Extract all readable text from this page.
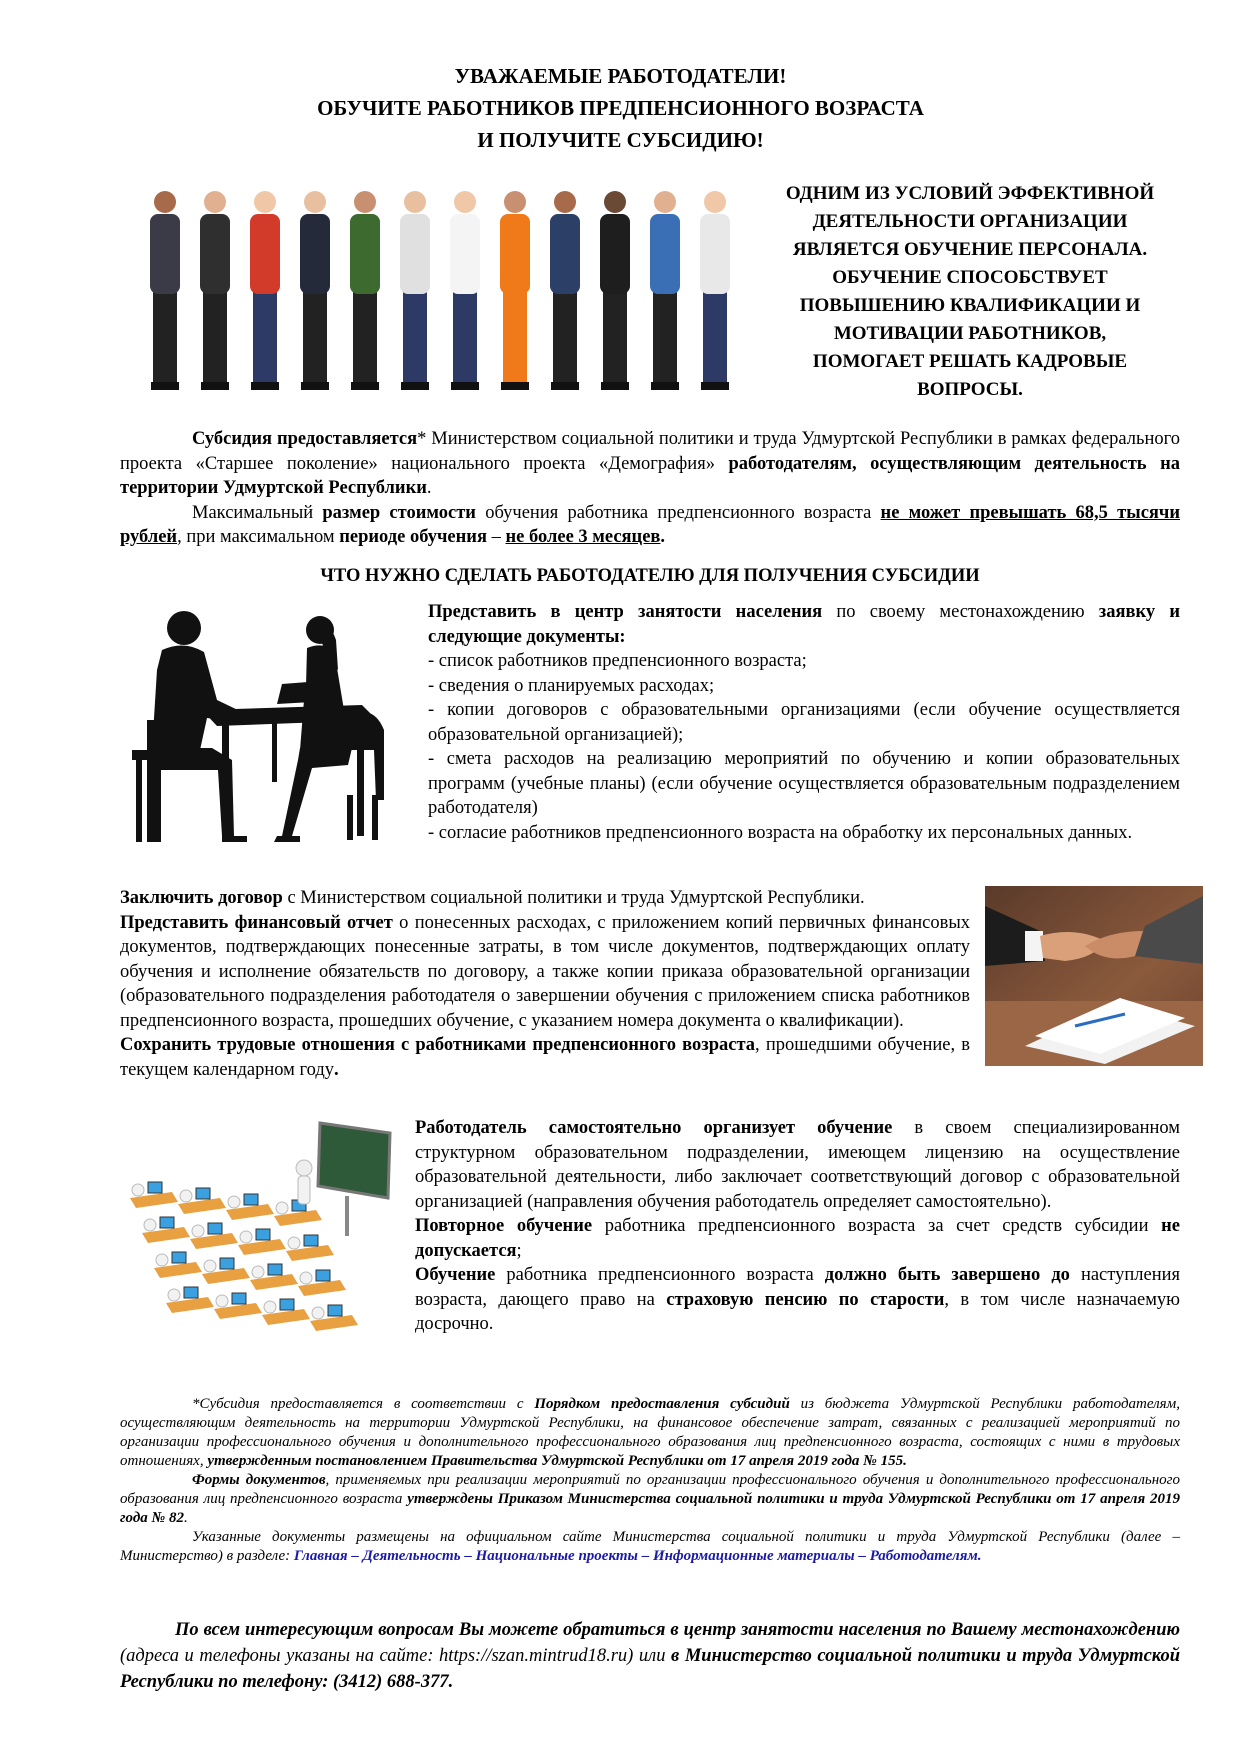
УВАЖАЕМЫЕ РАБОТОДАТЕЛИ!
ОБУЧИТЕ РАБОТНИКОВ ПРЕДПЕНСИОННОГО ВОЗРАСТА
И ПОЛУЧИТЕ СУБСИДИЮ!
ОДНИМ ИЗ УСЛОВИЙ ЭФФЕКТИВНОЙ
ДЕЯТЕЛЬНОСТИ ОРГАНИЗАЦИИ
ЯВЛЯЕТСЯ ОБУЧЕНИЕ ПЕРСОНАЛА.
ОБУЧЕНИЕ СПОСОБСТВУЕТ
ПОВЫШЕНИЮ КВАЛИФИКАЦИИ И
МОТИВАЦИИ РАБОТНИКОВ,
ПОМОГАЕТ РЕШАТЬ КАДРОВЫЕ
ВОПРОСЫ.

Субсидия предоставляется* Министерством социальной политики и труда Удмуртской Республики в рамках федерального проекта «Старшее поколение» национального проекта «Демография» работодателям, осуществляющим деятельность на территории Удмуртской Республики.

Максимальный размер стоимости обучения работника предпенсионного возраста не может превышать 68,5 тысячи рублей, при максимальном периоде обучения – не более 3 месяцев.

ЧТО НУЖНО СДЕЛАТЬ РАБОТОДАТЕЛЮ ДЛЯ ПОЛУЧЕНИЯ СУБСИДИИ

Представить в центр занятости населения по своему местонахождению заявку и следующие документы:

- список работников предпенсионного возраста;

- сведения о планируемых расходах;

- копии договоров с образовательными организациями (если обучение осуществляется образовательной организацией);

- смета расходов на реализацию мероприятий по обучению и копии образовательных программ (учебные планы) (если обучение осуществляется образовательным подразделением работодателя)

- согласие работников предпенсионного возраста на обработку их персональных данных.

Заключить договор с Министерством социальной политики и труда Удмуртской Республики.

Представить финансовый отчет о понесенных расходах, с приложением копий первичных финансовых документов, подтверждающих понесенные затраты, в том числе документов, подтверждающих оплату обучения и исполнение обязательств по договору, а также копии приказа образовательной организации (образовательного подразделения работодателя о завершении обучения с приложением списка работников предпенсионного возраста, прошедших обучение, с указанием номера документа о квалификации).

Сохранить трудовые отношения с работниками предпенсионного возраста, прошедшими обучение, в текущем календарном году.

Работодатель самостоятельно организует обучение в своем специализированном структурном образовательном подразделении, имеющем лицензию на осуществление образовательной деятельности, либо заключает соответствующий договор с образовательной организацией (направления обучения работодатель определяет самостоятельно).

Повторное обучение работника предпенсионного возраста за счет средств субсидии не допускается;

Обучение работника предпенсионного возраста должно быть завершено до наступления возраста, дающего право на страховую пенсию по старости, в том числе назначаемую досрочно.

*Субсидия предоставляется в соответствии с Порядком предоставления субсидий из бюджета Удмуртской Республики работодателям, осуществляющим деятельность на территории Удмуртской Республики, на финансовое обеспечение затрат, связанных с реализацией мероприятий по организации профессионального обучения и дополнительного профессионального образования лиц предпенсионного возраста, состоящих с ними в трудовых отношениях, утвержденным постановлением Правительства Удмуртской Республики от 17 апреля 2019 года № 155.

Формы документов, применяемых при реализации мероприятий по организации профессионального обучения и дополнительного профессионального образования лиц предпенсионного возраста утверждены Приказом Министерства социальной политики и труда Удмуртской Республики от 17 апреля 2019 года № 82.

Указанные документы размещены на официальном сайте Министерства социальной политики и труда Удмуртской Республики (далее – Министерство) в разделе: Главная – Деятельность – Национальные проекты – Информационные материалы – Работодателям.

По всем интересующим вопросам Вы можете обратиться в центр занятости населения по Вашему местонахождению (адреса и телефоны указаны на сайте: https://szan.mintrud18.ru) или в Министерство социальной политики и труда Удмуртской Республики по телефону: (3412) 688-377.
